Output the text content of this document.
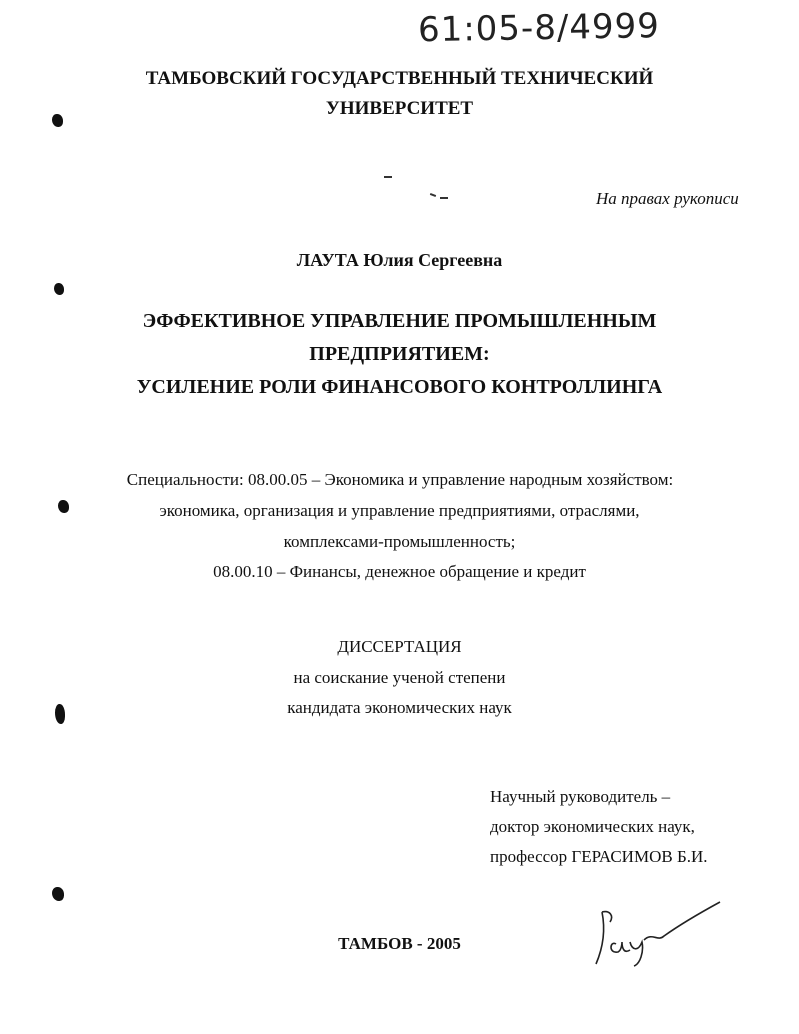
61:05-8/4999
ТАМБОВСКИЙ ГОСУДАРСТВЕННЫЙ ТЕХНИЧЕСКИЙ
УНИВЕРСИТЕТ
На правах рукописи
ЛАУТА Юлия Сергеевна
ЭФФЕКТИВНОЕ УПРАВЛЕНИЕ ПРОМЫШЛЕННЫМ
ПРЕДПРИЯТИЕМ:
УСИЛЕНИЕ РОЛИ ФИНАНСОВОГО КОНТРОЛЛИНГА
Специальности: 08.00.05 – Экономика и управление народным хозяйством:
экономика, организация и управление предприятиями, отраслями,
комплексами-промышленность;
08.00.10 – Финансы, денежное обращение и кредит
ДИССЕРТАЦИЯ
на соискание ученой степени
кандидата экономических наук
Научный руководитель –
доктор экономических наук,
профессор ГЕРАСИМОВ Б.И.
ТАМБОВ - 2005
